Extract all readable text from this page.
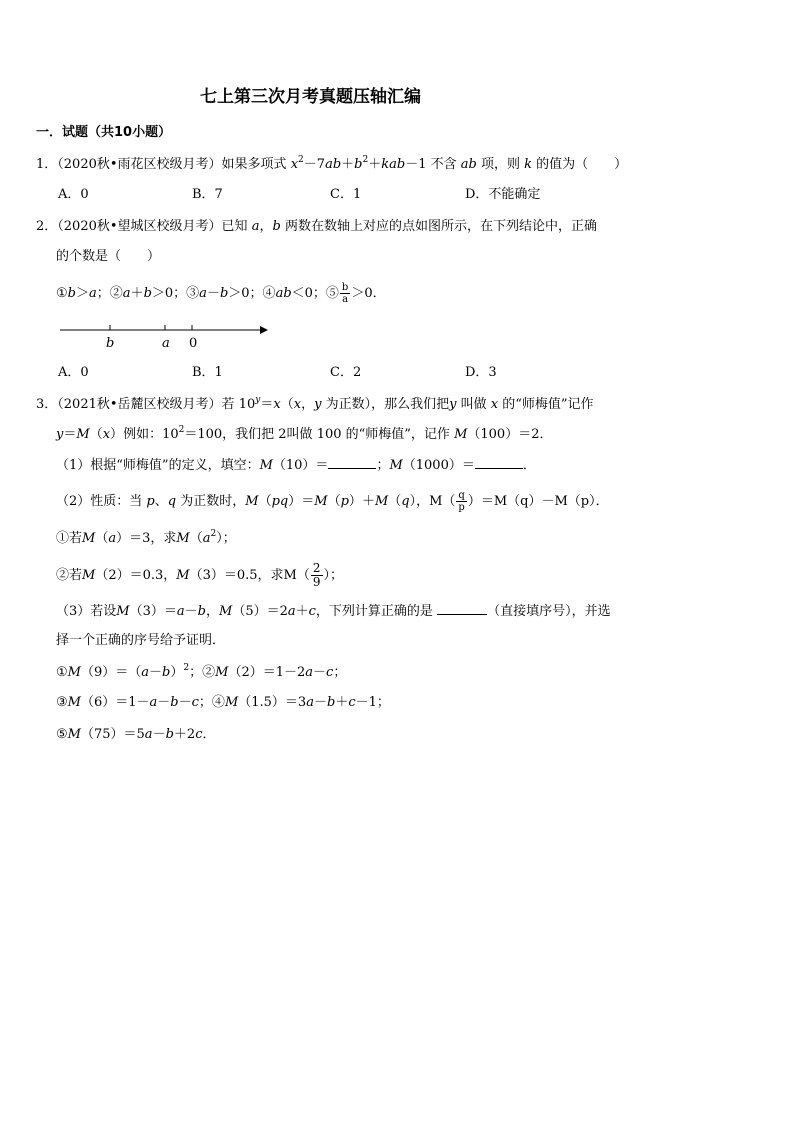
七上第三次月考真题压轴汇编
一．试题（共10小题）
1．（2020秋•雨花区校级月考）如果多项式 $x^2-7ab+b^2+kab-1$ 不含 ab 项，则 k 的值为（　　）
A．0	B．7	C．1	D．不能确定
2．（2020秋•望城区校级月考）已知 a，b 两数在数轴上对应的点如图所示，在下列结论中，正确
的个数是（　　）
①b＞a；②a＋b＞0；③a－b＞0；④ab＜0；⑤ $\frac{b}{a} >0$．
b	a 0
A．0	B．1	C．2	D．3
3．（2021秋•岳麓区校级月考）若 $10^y=x(x$，y 为正数），那么我们把y 叫做 x 的“师梅值”记作
y＝M（x）例如：$10^2=100$，我们把 2叫做 100 的“师梅值”，记作 M（100）＝2．
（1）根据“师梅值”的定义，填空：M（10）＝	；M（1000）＝	．
（2）性质：当 p、q 为正数时，M（pq）＝M（p）＋M（q），$M( \frac{q}{p} )=M(q)-M(p)$．
①若M（a）＝3，求$M(a^2)$；
②若M（2）＝0.3，M（3）＝0.5，求$M( \frac{2}{9}$ ）；
（3）若设M（3）＝a－b，M（5）＝2a＋c，下列计算正确的是	（直接填序号），并选
择一个正确的序号给予证明．
$①M(9)=(a-b)^2$；②M（2）＝1－2a－c；
③M（6）＝1－a－b－c；④M（1.5）＝3a－b＋c－1；
⑤M（75）＝5a－b＋2c．
